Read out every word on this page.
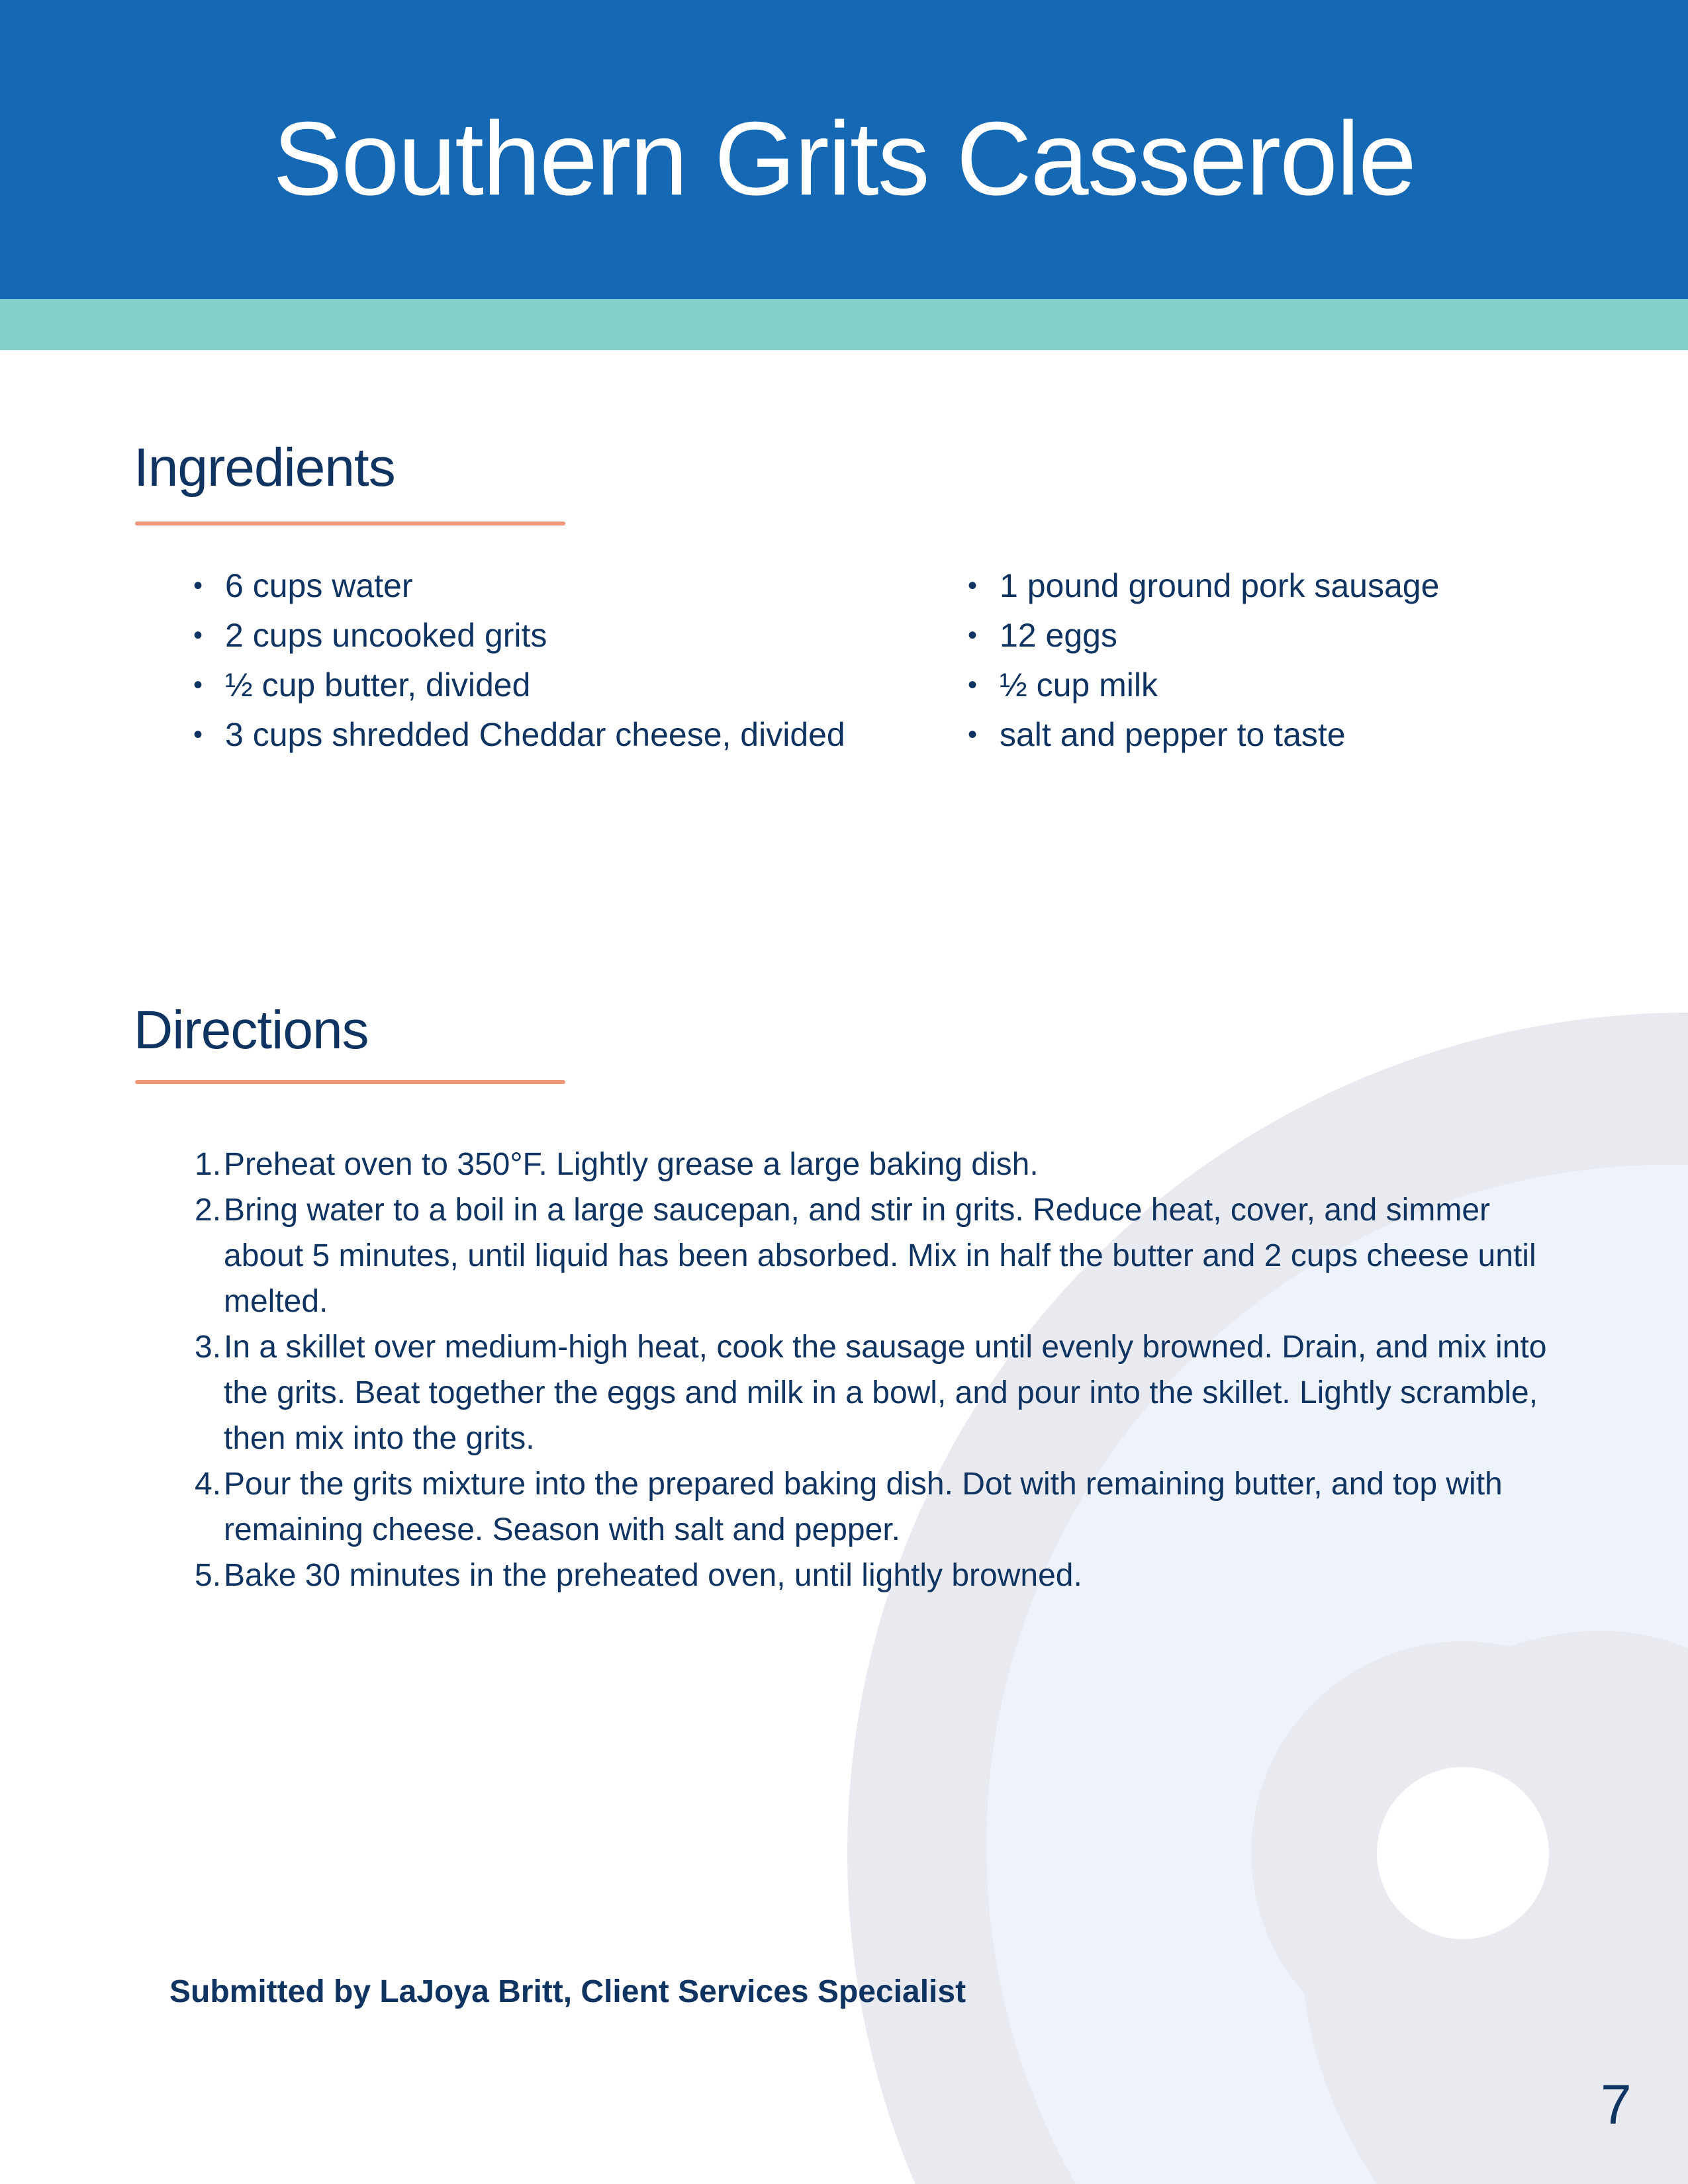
Southern Grits Casserole
Ingredients
• 6 cups water
• 2 cups uncooked grits
• ½ cup butter, divided
• 3 cups shredded Cheddar cheese, divided
• 1 pound ground pork sausage
• 12 eggs
• ½ cup milk
• salt and pepper to taste
Directions
1. Preheat oven to 350°F. Lightly grease a large baking dish.
2. Bring water to a boil in a large saucepan, and stir in grits. Reduce heat, cover, and simmer about 5 minutes, until liquid has been absorbed. Mix in half the butter and 2 cups cheese until melted.
3. In a skillet over medium-high heat, cook the sausage until evenly browned. Drain, and mix into the grits. Beat together the eggs and milk in a bowl, and pour into the skillet. Lightly scramble, then mix into the grits.
4. Pour the grits mixture into the prepared baking dish. Dot with remaining butter, and top with remaining cheese. Season with salt and pepper.
5. Bake 30 minutes in the preheated oven, until lightly browned.

Submitted by LaJoya Britt, Client Services Specialist

7
